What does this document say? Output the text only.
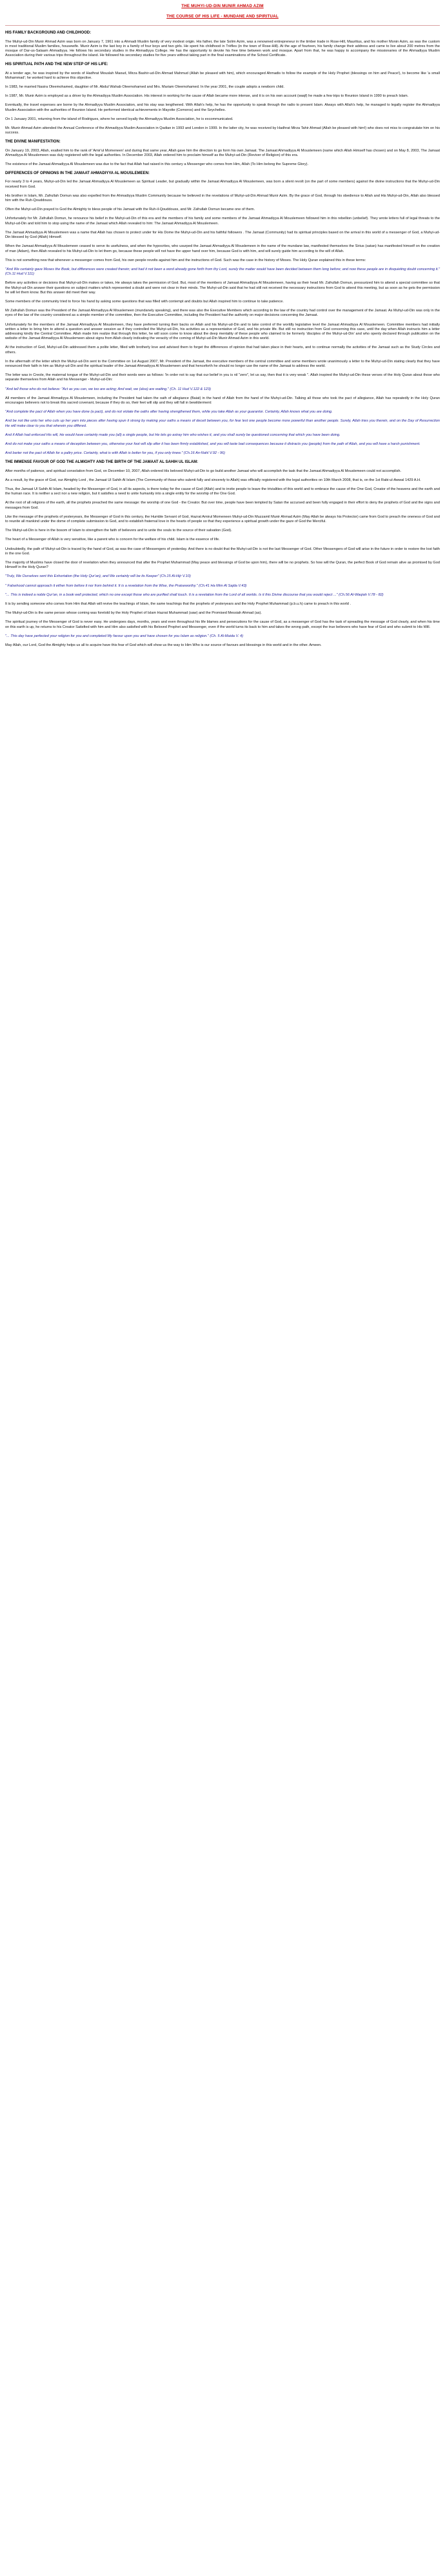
THE MUHYI-UD-DIN MUNIR AHMAD AZIM
THE COURSE OF HIS LIFE - MUNDANE AND SPIRITUAL
HIS FAMILY BACKGROUND AND CHILDHOOD:

The Muhyi-ud-Din Munir Ahmad Azim was born on January 7, 1961 into a Ahmadi Muslim family of very modest origin. His father, the late Solim Azim, was a renowned entrepreneur in the timber trade in Rose-Hill, Mauritius, and his mother Monin Azim, as was the custom in most traditional Muslim families, housewife. Munir Azim is the last boy in a family of four boys and two girls. He spent his childhood in Trèfles (in the town of Rose-Hill). At the age of fourteen, his family change their address and came to live about 200 metres from the mosque of Dar-us-Salaam Ahmadiyya. He follows his secondary studies in the Ahmadiyya College. He has the opportunity to devote his free time between work and mosque. Apart from that, he was happy to accompany the missionaries of the Ahmadiyya Muslim Association during their various trips throughout the island. He followed his secondary studies for five years without taking part in the final examinations of the School Certificate.

HIS SPIRITUAL PATH AND THE NEW STEP OF HIS LIFE:

At a tender age, he was inspired by the words of Hadhrat Mouslah Maoud, Mirza Bashir-ud-Din Ahmad Mahmud (Allah be pleased with him), which encouraged Ahmadis to follow the example of the Holy Prophet (blessings on him and Peace!), to become like 'a small Mohammad'; he worked hard to achieve this objective.

In 1983, he married Nasira Oleemohamed, daughter of Mr. Abdul Wahab Oleemohamed and Mrs. Mariam Oleemohamed. In the year 2001, the couple adopts a newborn child.

In 1987, Mr. Munir Azim is employed as a driver by the Ahmadiyya Muslim Association. His interest in working for the cause of Allah became more intense, and it is on his own account (waqf) he made a few trips to Reunion Island in 1990 to preach Islam.

Eventually, the travel expenses are borne by the Ahmadiyya Muslim Association, and his stay was lengthened. With Allah's help, he has the opportunity to speak through the radio to present Islam. Always with Allah's help, he managed to legally register the Ahmadiyya Muslim Association with the authorities of Reunion Island. He performed identical achievements in Mayotte (Comoros) and the Seychelles.

On 1 January 2001, returning from the island of Rodrigues, where he served loyally the Ahmadiyya Muslim Association, he is excommunicated.

Mr. Munir Ahmad Azim attended the Annual Conference of the Ahmadiyya Muslim Association in Qadian in 1993 and London in 1999. In the latter city, he was received by Hadhrat Mirza Tahir Ahmad (Allah be pleased with him!) who does not miss to congratulate him on his success.

THE DIVINE MANIFESTATION:

On January 19, 2003, Allah, exalted him to the rank of 'Amir'ul Momeneen' and during that same year, Allah gave him the direction to go form his own Jamaat. The Jamaat Ahmadiyya Al Mouslemeen (name which Allah Himself has chosen) and on May 8, 2003, The Jamaat Ahmadiyya Al Mouslemeen was duly registered with the legal authorities. In December 2003, Allah ordered him to proclaim himself as the Muhyi-ud-Din (Reviver of Religion) of this era.

The existence of the Jamaat Ahmadiyya Al Mouslemeen was due to the fact that Allah had raised in this century a Messenger who comes from Him, Allah (To Him belong the Supreme Glory).

DIFFERENCES OF OPINIONS IN THE JAMAAT AHMADIYYA AL MOUSLEMEEN:

For nearly 3 to 4 years, Muhyi-ud-Din led the Jamaat Ahmadiyya Al Mouslemeen as Spiritual Leader, but gradually within the Jamaat Ahmadiyya Al Mouslemeen, was born a silent revolt (on the part of some members) against the divine instructions that the Muhyi-ud-Din received from God.

His brother in Islam, Mr. Zafrullah Domun was also expelled from the Ahmadiyya Muslim Community because he believed in the revelations of Muhyi-ud-Din Ahmad Munir Azim. By the grace of God, through his obedience to Allah and His Muhyi-ud-Din, Allah also blessed him with the Ruh-Qouddouss.

Often the Muhyi-ud-Din prayed to God the Almighty to bless people of his Jamaat with the Ruh-il-Qouddouss, and Mr. Zafrullah Domun became one of them.

Unfortunately for Mr. Zafrullah Domun, he renounce his belief in the Muhyi-ud-Din of this era and the members of his family and some members of the Jamaat Ahmadiyya Al Mouslemeen followed him in this rebellion (unbelief). They wrote letters full of legal threats to the Muhyi-ud-Din and told him to stop using the name of the Jamaat which Allah revealed to him: The Jamaat Ahmadiyya Al Mouslemeen.

The Jamaat Ahmadiyya Al Mouslemeen was a name that Allah has chosen to protect under for His Dome the Muhyi-ud-Din and his faithful followers . The Jamaat (Community) had its spiritual principles based on the arrival in this world of a messenger of God, a Muhyi-ud-Din blessed by God (Allah) Himself.

When the Jamaat Ahmadiyya Al Mouslemeen ceased to serve its usefulness, and when the hypocrites, who usurped the Jamaat Ahmadiyya Al Mouslemeen in the name of the mundane law, manifested themselves the Sirius (satan) has manifested himself on the creation of man (Adam), then Allah revealed to his Muhyi-ud-Din to let them go, because these people will not have the upper hand over him, because God is with him, and will surely guide him according to the will of Allah.

This is not something new that whenever a messenger comes from God, his own people revolts against him and the instructions of God. Such was the case in the history of Moses. The Holy Quran explained this in these terms:

"And We certainly gave Moses the Book, but differences were created therein; and had it not been a word already gone forth from thy Lord, surely the matter would have been decided between them long before; and now these people are in disquieting doubt concerning it." (Ch.11 Hud V.111)

Before any activities or decisions that Muhyi-ud-Din makes or takes, He always takes the permission of God. But, most of the members of Jamaat Ahmadiyya Al Mouslemeen, having as their head Mr. Zafrullah Domun, pressurized him to attend a special committee so that the Muhyi-ud-Din answer their questions on subject matters which represented a doubt and were not clear in their minds. The Muhyi-ud-Din said that he had still not received the necessary instructions from God to attend this meeting, but as soon as he gets the permission he will let them know. But this answer did meet their way.

Some members of the community tried to force his hand by asking some questions that was filled with contempt and doubts but Allah inspired him to continue to take patience.

Mr Zafrullah Domun was the President of the Jamaat Ahmadiyya Al Mouslemeen (mundanely speaking), and there was also the Executive Members which according to the law of the country had control over the management of the Jamaat. As Muhyi-ud-Din was only in the eyes of the law of the country considered as a simple member of the committee, then the Executive Committee, including the President had the authority on major decisions concerning the Jamaat.

Unfortunately for the members of the Jamaat Ahmadiyya Al Mouslemeen, they have preferred turning their backs on Allah and his Muhyi-ud-Din and to take control of the worldly legislative level the Jamaat Ahmadiyya Al Mouslemeen. Committee members had initially written a letter to bring him to attend a question and answer session as if they controlled the Muhyi-ud-Din, his activities as a representative of God, and his private life. But still no instruction from God concerning this case, until the day when Allah instructs him a letter addressing kindly the Central Committee. Allah made him realize that through this letter, he will soon come to know about the deep mentality of these people who claimed to be formerly 'disciples of the Muhyi-ud-Din' and who openly declared through publication on the website of the Jamaat Ahmadiyya Al Mouslemeen about signs from Allah clearly indicating the veracity of the coming of Muhyi-ud-Din Munir Ahmad Azim in this world.

At the instruction of God, Muhyi-ud-Din addressed them a polite letter, filled with brotherly love and advised them to forget the differences of opinion that had taken place in their hearts, and to continue normally the activities of the Jamaat such as the Study Circles and others.

In the aftermath of the letter which the Muhyi-ud-Din sent to the Committee on 1st August 2007, Mr. President of the Jamaat, the executive members of the central committee and some members wrote unanimously a letter to the Muhyi-ud-Din stating clearly that they have renounced their faith in him as Muhyi-ud-Din and the spiritual leader of the Jamaat Ahmadiyya Al Mouslemeen and that henceforth he should no longer use the name of the Jamaat to address the world.

The letter was in Creole, the maternal tongue of the Muhyi-ud-Din and their words were as follows: 'In order not to say that our belief in you is nil "zero", let us say, then that it is very weak ". Allah inspired the Muhyi-ud-Din these verses of the Holy Quran about those who separate themselves from Allah and his Messenger - Muhyi-ud-Din:

"And tell those who do not believe: "Act as you can, we too are acting; And wait, we (also) are waiting." (Ch. 11 Hud V.122 & 123)

All members of the Jamaat Ahmadiyya Al Mouslemeen, including the President had taken the oath of allegiance (Baiat) in the hand of Allah from the hand of the Muhyi-ud-Din. Talking all those who took the pact of allegiance, Allah has repeatedly in the Holy Quran encourages believers not to break this sacred covenant, because if they do so, their feet will slip and they will fall in bewilderment:

"And complete the pact of Allah when you have done (a pact), and do not violate the oaths after having strengthened them, while you take Allah as your guarantor. Certainly, Allah knows what you are doing.

And be not like unto her who cuts up her yarn into pieces after having spun it strong by making your oaths a means of deceit between you, for fear lest one people become more powerful than another people. Surely, Allah tries you therein, and on the Day of Resurrection He will make clear to you that wherein you differed.

And if Allah had enforced His will, He would have certainly made you (all) a single people, but He lets go astray him who wishes it, and you shall surely be questioned concerning that which you have been doing.

And do not make your oaths a means of deception between you, otherwise your foot will slip after it has been firmly established, and you will taste bad consequences because it distracts you (people) from the path of Allah, and you will have a harsh punishment.

And barter not the pact of Allah for a paltry price. Certainly, what is with Allah is better for you, if you only knew." (Ch.16 An-Nahl V.92 - 96)

THE IMMENSE FAVOUR OF GOD THE ALMIGHTY AND THE BIRTH OF THE JAMAAT AL SAHIH UL ISLAM:

After months of patience, and spiritual consolation from God, on December 10, 2007, Allah ordered His beloved Muhyi-ud-Din to go build another Jamaat who will accomplish the task that the Jamaat Ahmadiyya Al Mouslemeen could not accomplish.

As a result, by the grace of God, our Almighty Lord , the Jamaat Ul Sahih Al Islam (The Community of those who submit fully and sincerely to Allah) was officially registered with the legal authorities on 10th March 2008, that is, on the 1st Rabi-ul-Awwal 1429 A.H.

Thus, the Jamaat Ul Sahih Al Islam, headed by the Messenger of God, in all its aspects, is there today for the cause of God (Allah) and to invite people to leave the trivialities of this world and to embrace the cause of the One God, Creator of the heavens and the earth and the human race. It is neither a sect nor a new religion, but it satisfies a need to unite humanity into a single entity for the worship of the One God.

At the root of all religions of the earth, all the prophets preached the same message: the worship of one God - the Creator. But over time, people have been tempted by Satan the accursed and been fully engaged in their effort to deny the prophets of God and the signs and messages from God.

Like the message of the prophets of yesteryears, the Messenger of God in this century, the Humble Servant of God, Hazrat Amirul Momeneen Muhyi-ud-Din Muzzamil Munir Ahmad Azim (May Allah be always his Protector) came from God to preach the oneness of God and to reunite all mankind under the dome of complete submission to God, and to establish fraternal love in the hearts of people so that they experience a spiritual growth under the gaze of God the Merciful.

The Muhyi-ud-Din is here in the bosom of Islam to strengthen the faith of believers and to unite the souls to the source of their salvation (God).

The heart of a Messenger of Allah is very sensitive, like a parent who is concern for the welfare of his child. Islam is the essence of life.

Undoubtedly, the path of Muhyi-ud-Din is traced by the hand of God, as was the case of Messengers of yesterday. And there is no doubt that the Muhyi-ud-Din is not the last Messenger of God. Other Messengers of God will arise in the future in order to restore the lost faith in the one God.

The majority of Muslims have closed the door of revelation when they announced that after the Prophet Muhammad (May peace and blessings of God be upon him), there will be no prophets. So how will the Quran, the perfect Book of God remain alive as promised by God Himself in the Holy Quran?

"Truly, We Ourselves sent this Exhortation (the Holy Qur'an), and We certainly will be its Keeper" (Ch.15 Al-Hijr V.10)

" Falsehood cannot approach it either from before it nor from behind it. It is a revelation from the Wise, the Praiseworthy." (Ch.41 Ha Mim Al Sajda V.43)

"... This is indeed a noble Qur'an, in a book well protected, which no one except those who are purified shall touch. It is a revelation from the Lord of all worlds. Is it this Divine discourse that you would reject ..." (Ch.56 Al-Waqiah V.78 - 82)

It is by sending someone who comes from Him that Allah will revive the teachings of Islam, the same teachings that the prophets of yesteryears and the Holy Prophet Muhammad (p.b.u.h) came to preach in this world .

The Muhyi-ud-Din is the same person whose coming was foretold by the Holy Prophet of Islam Hazrat Muhammad (saw) and the Promised Messiah Ahmad (as).

The spiritual journey of the Messenger of God is never easy. He undergoes days, months, years and even throughout his life blames and persecutions for the cause of God, as a messenger of God has the task of spreading the message of God clearly, and when his time on this earth is up, he returns to his Creator Satisfied with him and Him also satisfied with his Beloved Prophet and Messenger, even if the world turns its back to him and takes the wrong path, except the true believers who have fear of God and who submit to His Will.

"... This day have perfected your religion for you and completed My favour upon you and have chosen for you Islam as religion." (Ch. 5 Al-Maida V. 4)

May Allah, our Lord, God the Almighty helps us all to acquire have this fear of God which will show us the way to Him Who is our source of favours and blessings in this world and in the other. Ameen.
